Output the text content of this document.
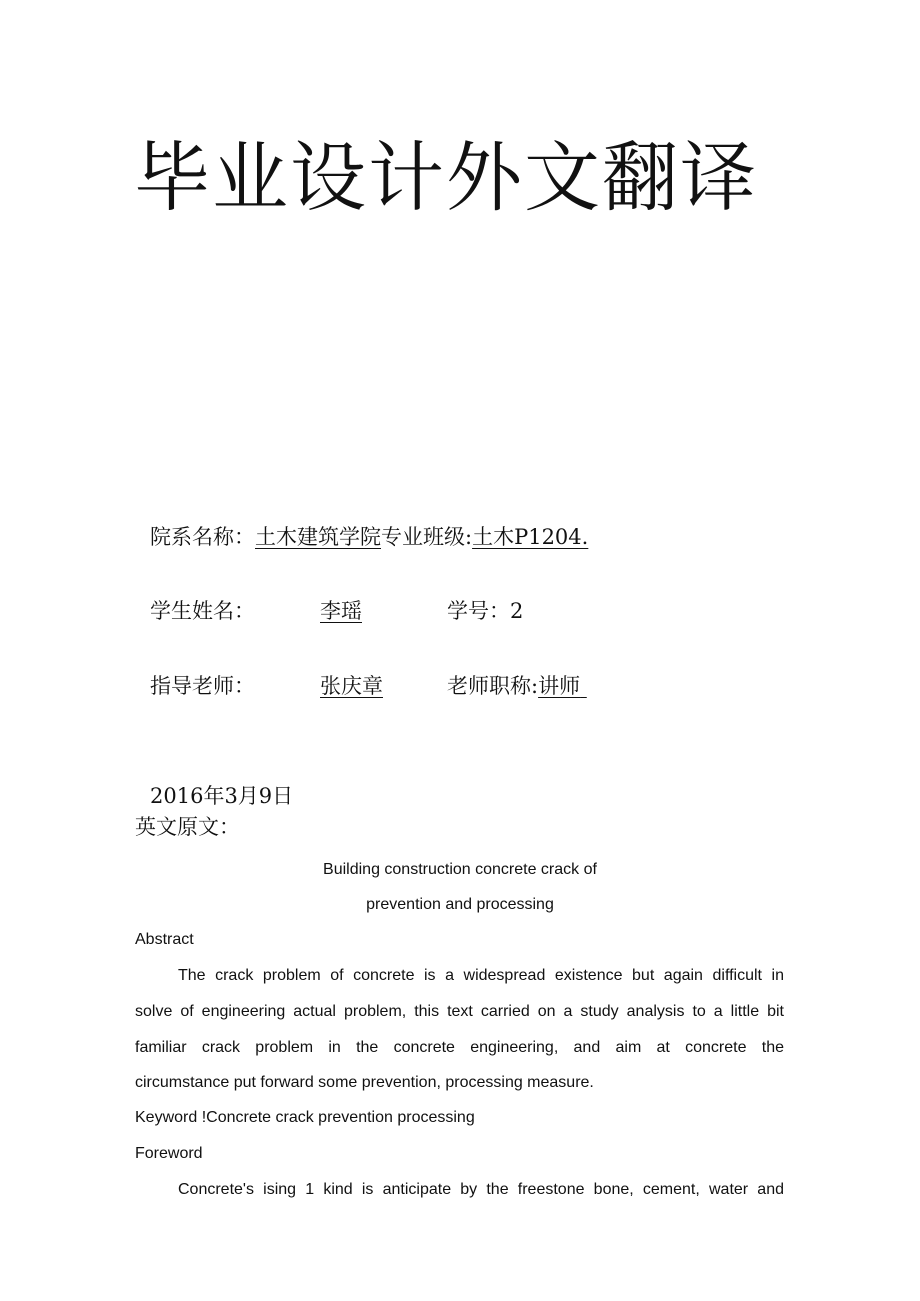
毕业设计外文翻译
院系名称：土木建筑学院专业班级:土木P1204.
学生姓名：	李瑶	学号：2
指导老师：	张庆章	老师职称:讲师
2016年3月9日
英文原文：
Building construction concrete crack of
prevention and processing
Abstract
The crack problem of concrete is a widespread existence but again difficult in
solve of engineering actual problem, this text carried on a study analysis to a little bit
familiar crack problem in the concrete engineering, and aim at concrete the
circumstance put forward some prevention, processing measure.
Keyword !Concrete crack prevention processing
Foreword
Concrete's ising 1 kind is anticipate by the freestone bone, cement, water and
